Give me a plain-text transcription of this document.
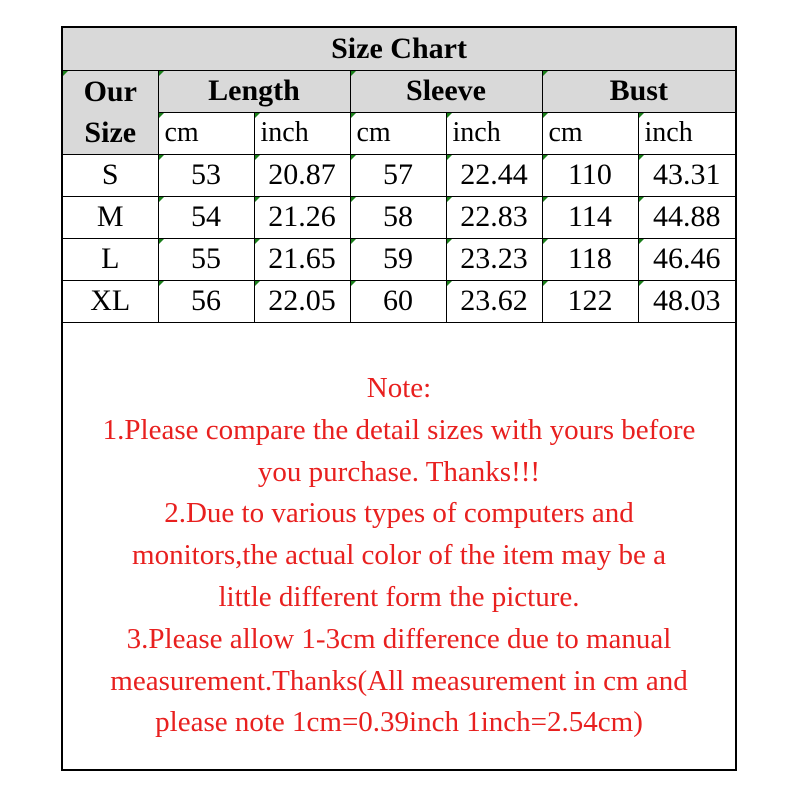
Size Chart						

Our
Size	Length		Sleeve		Bust	
	cm	inch	cm	inch	cm	inch
S	53	20.87	57	22.44	110	43.31
M	54	21.26	58	22.83	114	44.88
L	55	21.65	59	23.23	118	46.46
XL	56	22.05	60	23.62	122	48.03
Note:
1.Please compare the detail sizes with yours before
you purchase. Thanks!!!
2.Due to various types of computers and
monitors,the actual color of the item may be a
little different form the picture.
3.Please allow 1-3cm difference due to manual
measurement.Thanks(All measurement in cm and
please note 1cm=0.39inch 1inch=2.54cm)
